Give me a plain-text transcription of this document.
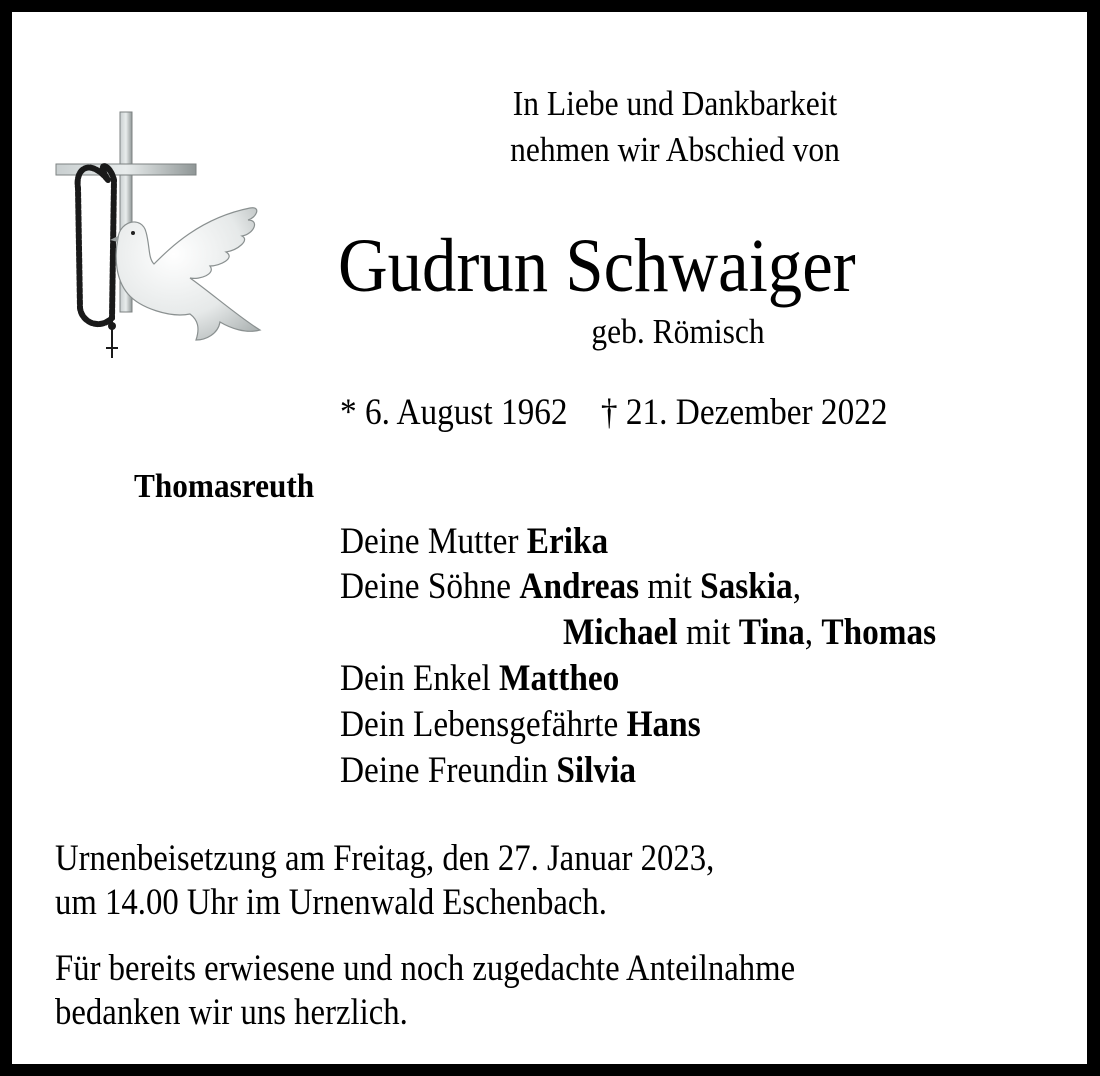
In Liebe und Dankbarkeit
nehmen wir Abschied von
Gudrun Schwaiger
geb. Römisch
* 6. August 1962 † 21. Dezember 2022
Thomasreuth
Deine Mutter Erika
Deine Söhne Andreas mit Saskia,
Michael mit Tina, Thomas
Dein Enkel Mattheo
Dein Lebensgefährte Hans
Deine Freundin Silvia
Urnenbeisetzung am Freitag, den 27. Januar 2023,
um 14.00 Uhr im Urnenwald Eschenbach.
Für bereits erwiesene und noch zugedachte Anteilnahme
bedanken wir uns herzlich.
